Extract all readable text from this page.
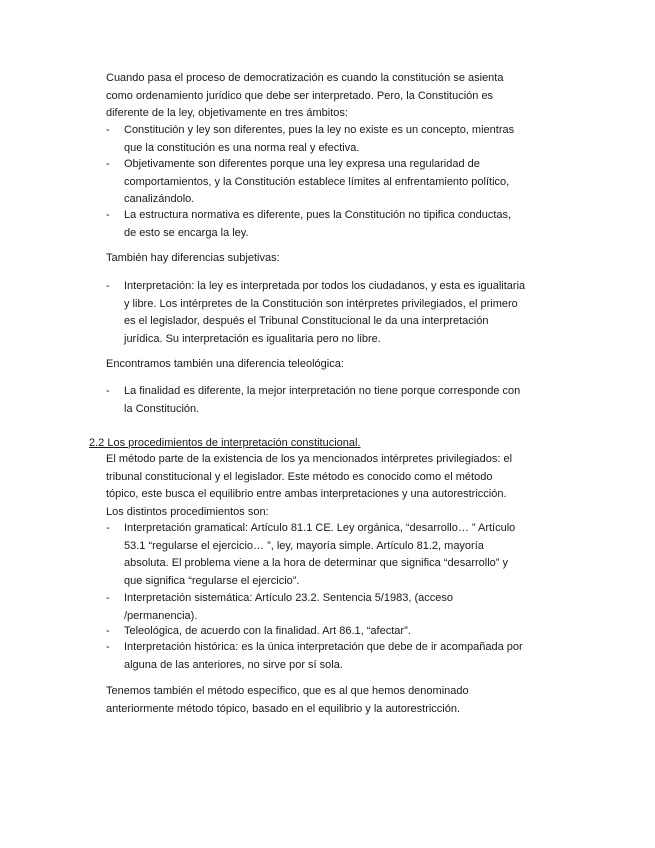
Cuando pasa el proceso de democratización es cuando la constitución se asienta como ordenamiento jurídico que debe ser interpretado. Pero, la Constitución es diferente de la ley, objetivamente en tres ámbitos:

- Constitución y ley son diferentes, pues la ley no existe es un concepto, mientras que la constitución es una norma real y efectiva.
- Objetivamente son diferentes porque una ley expresa una regularidad de comportamientos, y la Constitución establece límites al enfrentamiento político, canalizándolo.
- La estructura normativa es diferente, pues la Constitución no tipifica conductas, de esto se encarga la ley.

También hay diferencias subjetivas:

- Interpretación: la ley es interpretada por todos los ciudadanos, y esta es igualitaria y libre. Los intérpretes de la Constitución son intérpretes privilegiados, el primero es el legislador, después el Tribunal Constitucional le da una interpretación jurídica. Su interpretación es igualitaria pero no libre.

Encontramos también una diferencia teleológica:

- La finalidad es diferente, la mejor interpretación no tiene porque corresponde con la Constitución.

2.2 Los procedimientos de interpretación constitucional.

El método parte de la existencia de los ya mencionados intérpretes privilegiados: el tribunal constitucional y el legislador. Este método es conocido como el método tópico, este busca el equilibrio entre ambas interpretaciones y una autorestricción. Los distintos procedimientos son:

- Interpretación gramatical: Artículo 81.1 CE. Ley orgánica, “desarrollo… ” Artículo 53.1 “regularse el ejercicio… ”, ley, mayoría simple. Artículo 81.2, mayoría absoluta. El problema viene a la hora de determinar que significa “desarrollo” y que significa “regularse el ejercicio”.
- Interpretación sistemática: Artículo 23.2. Sentencia 5/1983, (acceso /permanencia).
- Teleológica, de acuerdo con la finalidad. Art 86.1, “afectar”.
- Interpretación histórica: es la única interpretación que debe de ir acompañada por alguna de las anteriores, no sirve por sí sola.

Tenemos también el método específico, que es al que hemos denominado anteriormente método tópico, basado en el equilibrio y la autorestricción.
